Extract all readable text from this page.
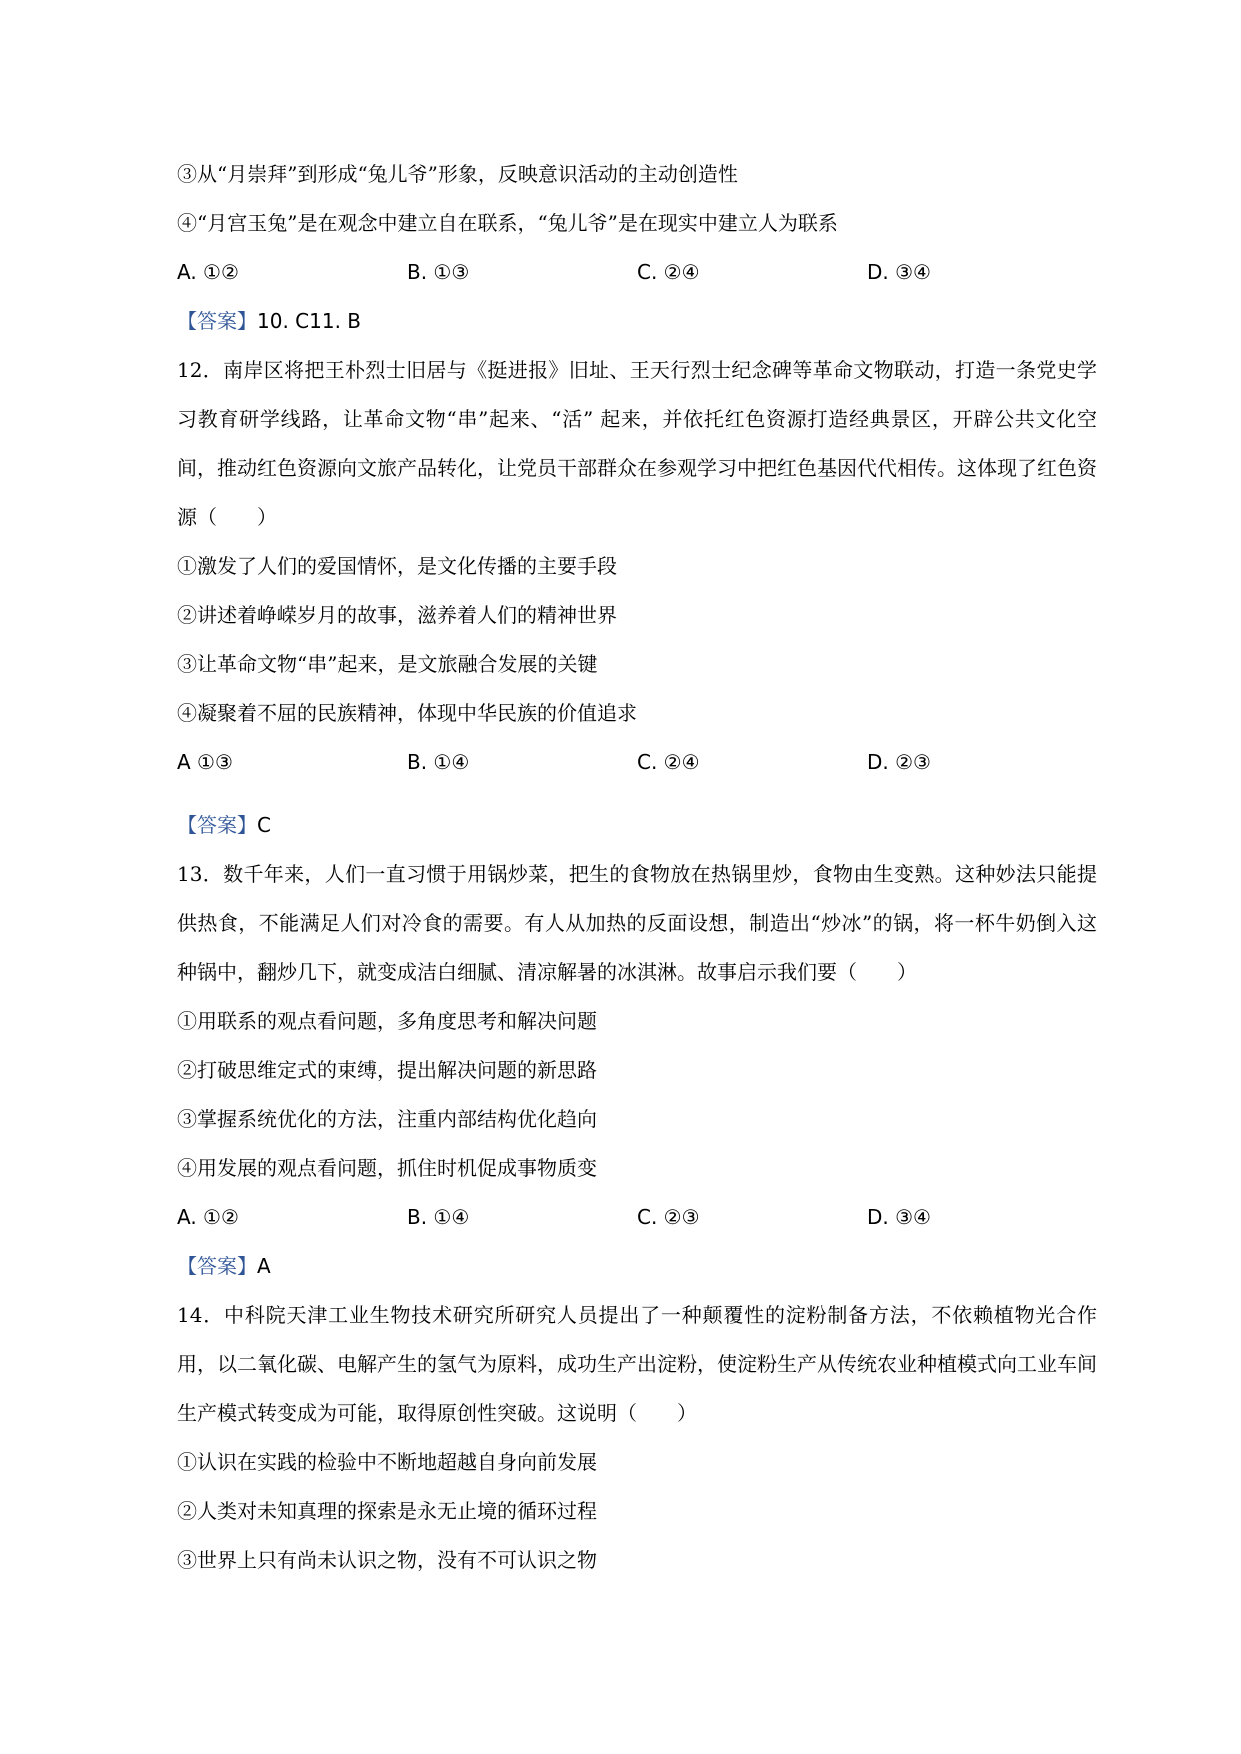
③从“月崇拜”到形成“兔儿爷”形象，反映意识活动的主动创造性
④“月宫玉兔”是在观念中建立自在联系，“兔儿爷”是在现实中建立人为联系
A. ①②	B. ①③	C. ②④	D. ③④
【答案】10. C11. B
12．南岸区将把王朴烈士旧居与《挺进报》旧址、王天行烈士纪念碑等革命文物联动，打造一条党史学习教育研学线路，让革命文物“串”起来、“活” 起来，并依托红色资源打造经典景区，开辟公共文化空间，推动红色资源向文旅产品转化，让党员干部群众在参观学习中把红色基因代代相传。这体现了红色资源（　　）
①激发了人们的爱国情怀，是文化传播的主要手段
②讲述着峥嵘岁月的故事，滋养着人们的精神世界
③让革命文物“串”起来，是文旅融合发展的关键
④凝聚着不屈的民族精神，体现中华民族的价值追求
A ①③	B. ①④	C. ②④	D. ②③
【答案】C
13．数千年来，人们一直习惯于用锅炒菜，把生的食物放在热锅里炒，食物由生变熟。这种妙法只能提供热食，不能满足人们对冷食的需要。有人从加热的反面设想，制造出“炒冰”的锅，将一杯牛奶倒入这种锅中，翻炒几下，就变成洁白细腻、清凉解暑的冰淇淋。故事启示我们要（　　）
①用联系的观点看问题，多角度思考和解决问题
②打破思维定式的束缚，提出解决问题的新思路
③掌握系统优化的方法，注重内部结构优化趋向
④用发展的观点看问题，抓住时机促成事物质变
A. ①②	B. ①④	C. ②③	D. ③④
【答案】A
14．中科院天津工业生物技术研究所研究人员提出了一种颠覆性的淀粉制备方法，不依赖植物光合作用，以二氧化碳、电解产生的氢气为原料，成功生产出淀粉，使淀粉生产从传统农业种植模式向工业车间生产模式转变成为可能，取得原创性突破。这说明（　　）
①认识在实践的检验中不断地超越自身向前发展
②人类对未知真理的探索是永无止境的循环过程
③世界上只有尚未认识之物，没有不可认识之物
